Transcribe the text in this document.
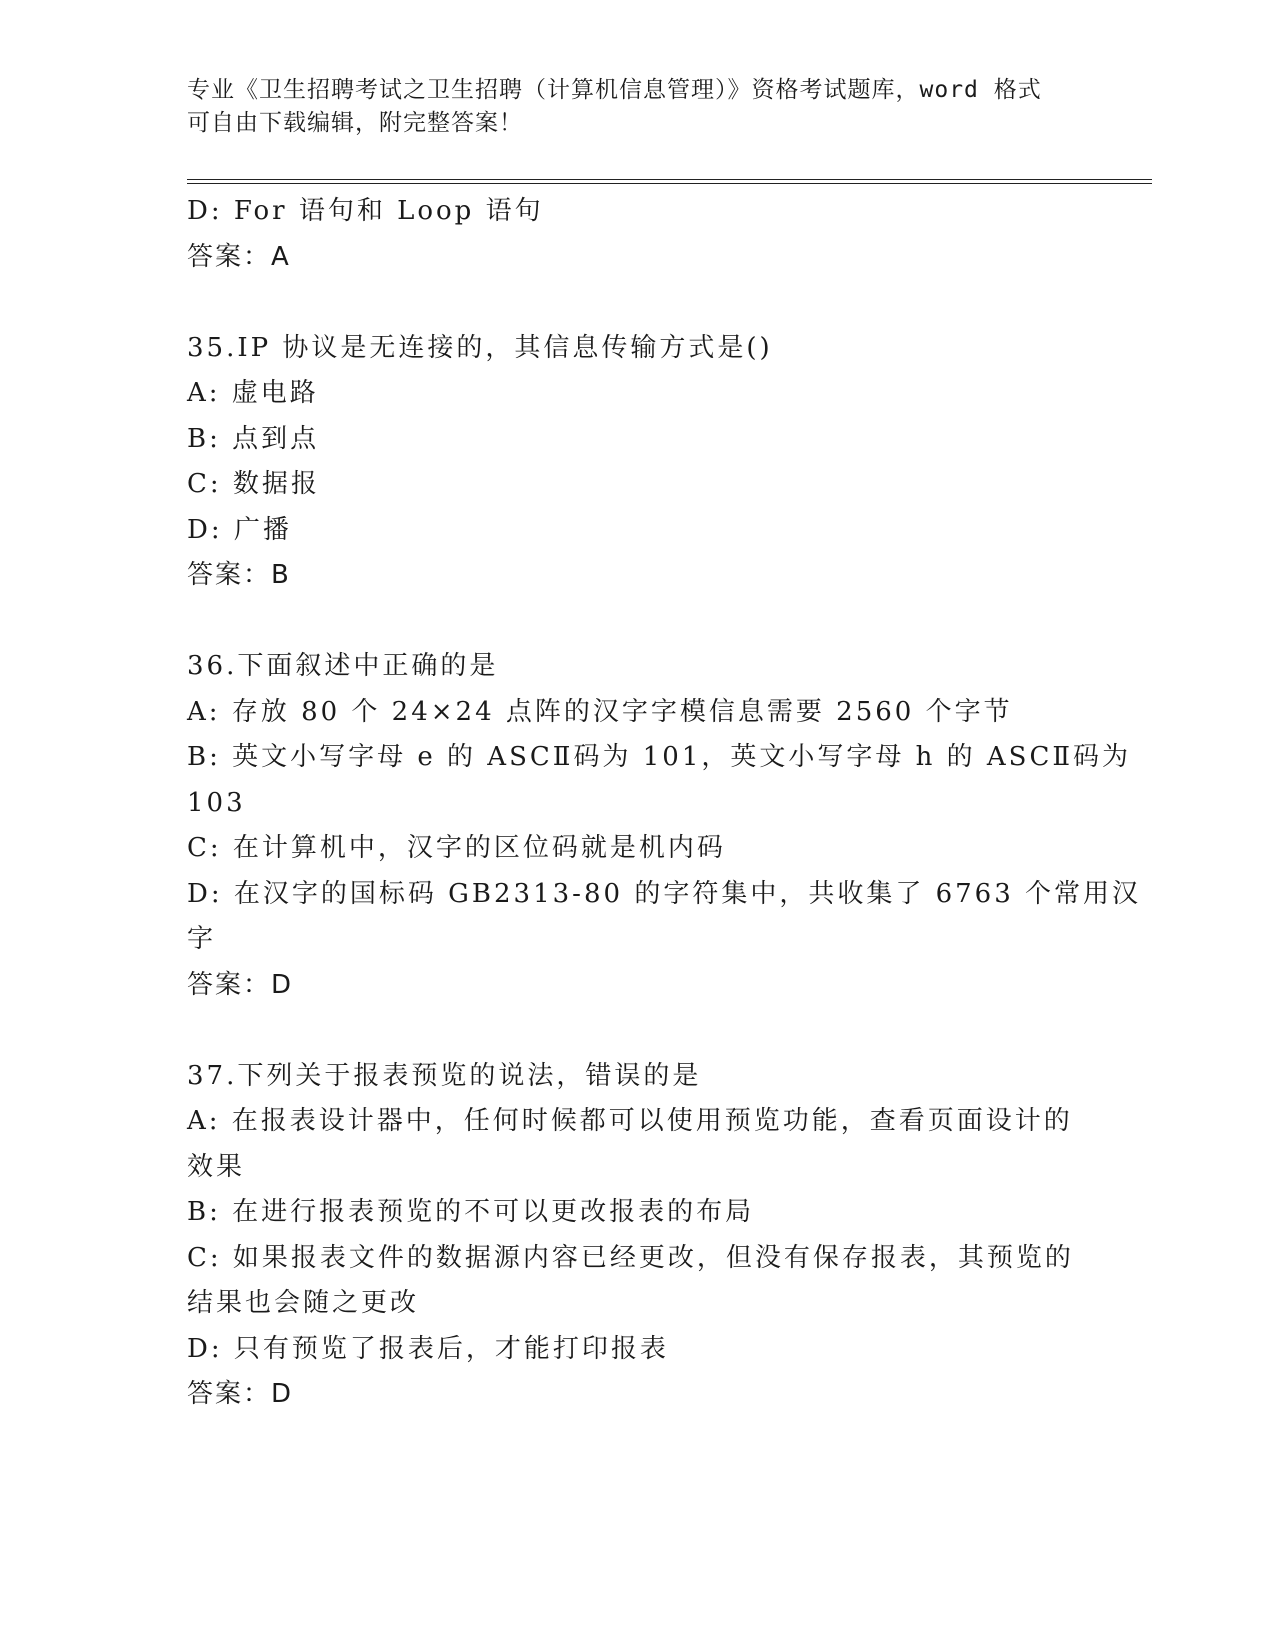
专业《卫生招聘考试之卫生招聘（计算机信息管理）》资格考试题库，word 格式

可自由下载编辑，附完整答案！

D: For 语句和 Loop 语句
答案：A
35.IP 协议是无连接的，其信息传输方式是()
A: 虚电路
B: 点到点
C: 数据报
D: 广播
答案：B
36.下面叙述中正确的是
A: 存放 80 个 24×24 点阵的汉字字模信息需要 2560 个字节
B: 英文小写字母 e 的 ASCⅡ码为 101，英文小写字母 h 的 ASCⅡ码为
103
C: 在计算机中，汉字的区位码就是机内码
D: 在汉字的国标码 GB2313-80 的字符集中，共收集了 6763 个常用汉
字
答案：D
37.下列关于报表预览的说法，错误的是
A: 在报表设计器中，任何时候都可以使用预览功能，查看页面设计的
效果
B: 在进行报表预览的不可以更改报表的布局
C: 如果报表文件的数据源内容已经更改，但没有保存报表，其预览的
结果也会随之更改
D: 只有预览了报表后，才能打印报表
答案：D
